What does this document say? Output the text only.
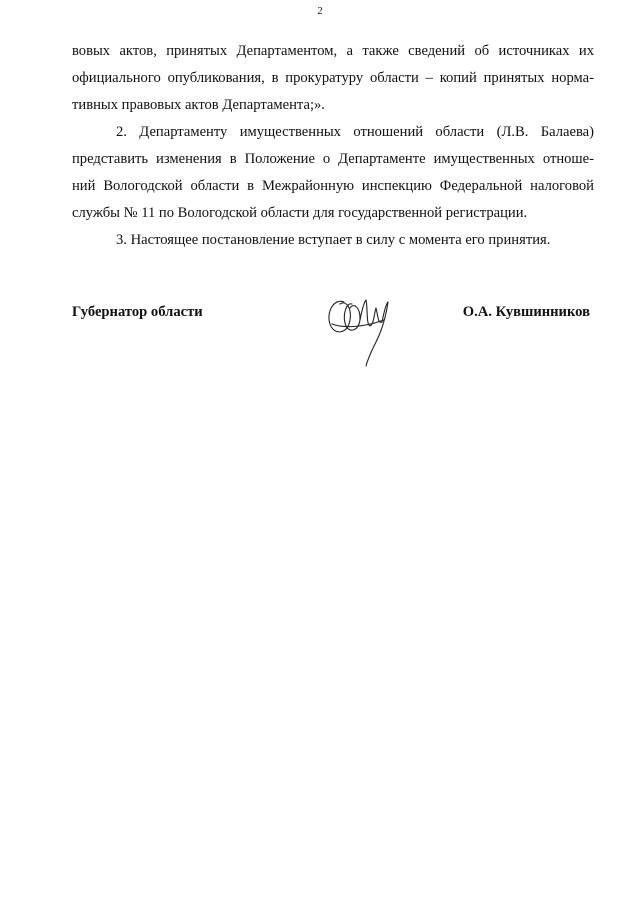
2
вовых актов, принятых Департаментом, а также сведений об источниках их
официального опубликования, в прокуратуру области – копий принятых норма-
тивных правовых актов Департамента;».
2. Департаменту имущественных отношений области (Л.В. Балаева)
представить изменения в Положение о Департаменте имущественных отноше-
ний Вологодской области в Межрайонную инспекцию Федеральной налоговой
службы № 11 по Вологодской области для государственной регистрации.
3. Настоящее постановление вступает в силу с момента его принятия.
Губернатор области	О.А. Кувшинников
